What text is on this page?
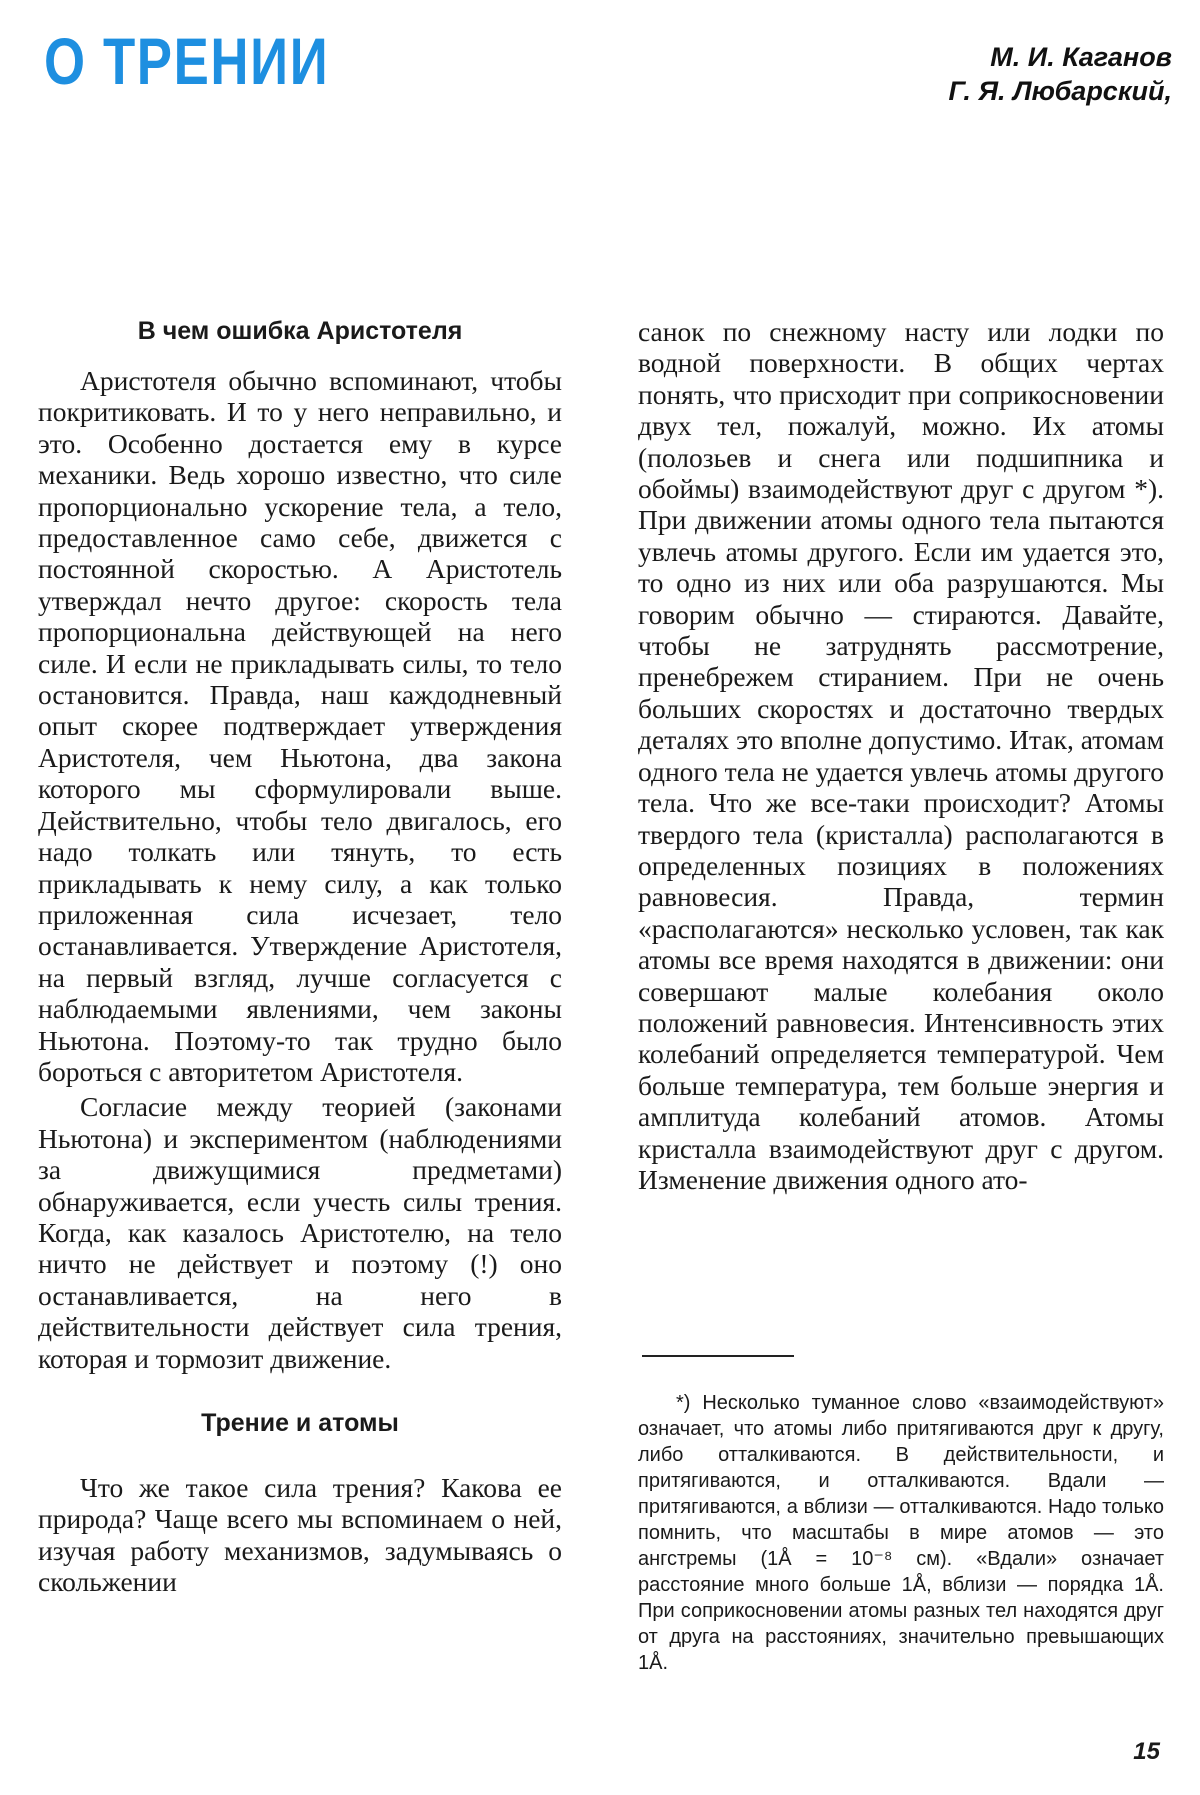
О ТРЕНИИ	М. И. Каганов
Г. Я. Любарский,
В чем ошибка Аристотеля

Аристотеля обычно вспоминают, чтобы покритиковать. И то у него неправильно, и это. Особенно достается ему в курсе механики. Ведь хорошо известно, что силе пропорционально ускорение тела, а тело, предоставленное само себе, движется с постоянной скоростью. А Аристотель утверждал нечто другое: скорость тела пропорциональна действующей на него силе. И если не прикладывать силы, то тело остановится. Правда, наш каждодневный опыт скорее подтверждает утверждения Аристотеля, чем Ньютона, два закона которого мы сформулировали выше. Действительно, чтобы тело двигалось, его надо толкать или тянуть, то есть прикладывать к нему силу, а как только приложенная сила исчезает, тело останавливается. Утверждение Аристотеля, на первый взгляд, лучше согласуется с наблюдаемыми явлениями, чем законы Ньютона. Поэтому-то так трудно было бороться с авторитетом Аристотеля.

Согласие между теорией (законами Ньютона) и экспериментом (наблюдениями за движущимися предметами) обнаруживается, если учесть силы трения. Когда, как казалось Аристотелю, на тело ничто не действует и поэтому (!) оно останавливается, на него в действительности действует сила трения, которая и тормозит движение.

Трение и атомы

Что же такое сила трения? Какова ее природа? Чаще всего мы вспоминаем о ней, изучая работу механизмов, задумываясь о скольжении

санок по снежному насту или лодки по водной поверхности. В общих чертах понять, что присходит при соприкосновении двух тел, пожалуй, можно. Их атомы (полозьев и снега или подшипника и обоймы) взаимодействуют друг с другом *). При движении атомы одного тела пытаются увлечь атомы другого. Если им удается это, то одно из них или оба разрушаются. Мы говорим обычно — стираются. Давайте, чтобы не затруднять рассмотрение, пренебрежем стиранием. При не очень больших скоростях и достаточно твердых деталях это вполне допустимо. Итак, атомам одного тела не удается увлечь атомы другого тела. Что же все-таки происходит? Атомы твердого тела (кристалла) располагаются в определенных позициях в положениях равновесия. Правда, термин «располагаются» несколько условен, так как атомы все время находятся в движении: они совершают малые колебания около положений равновесия. Интенсивность этих колебаний определяется температурой. Чем больше температура, тем больше энергия и амплитуда колебаний атомов. Атомы кристалла взаимодействуют друг с другом. Изменение движения одного ато-

*) Несколько туманное слово «взаимодействуют» означает, что атомы либо притягиваются друг к другу, либо отталкиваются. В действительности, и притягиваются, и отталкиваются. Вдали — притягиваются, а вблизи — отталкиваются. Надо только помнить, что масштабы в мире атомов — это ангстремы (1Å = 10⁻⁸ см). «Вдали» означает расстояние много больше 1Å, вблизи — порядка 1Å. При соприкосновении атомы разных тел находятся друг от друга на расстояниях, значительно превышающих 1Å.
15
